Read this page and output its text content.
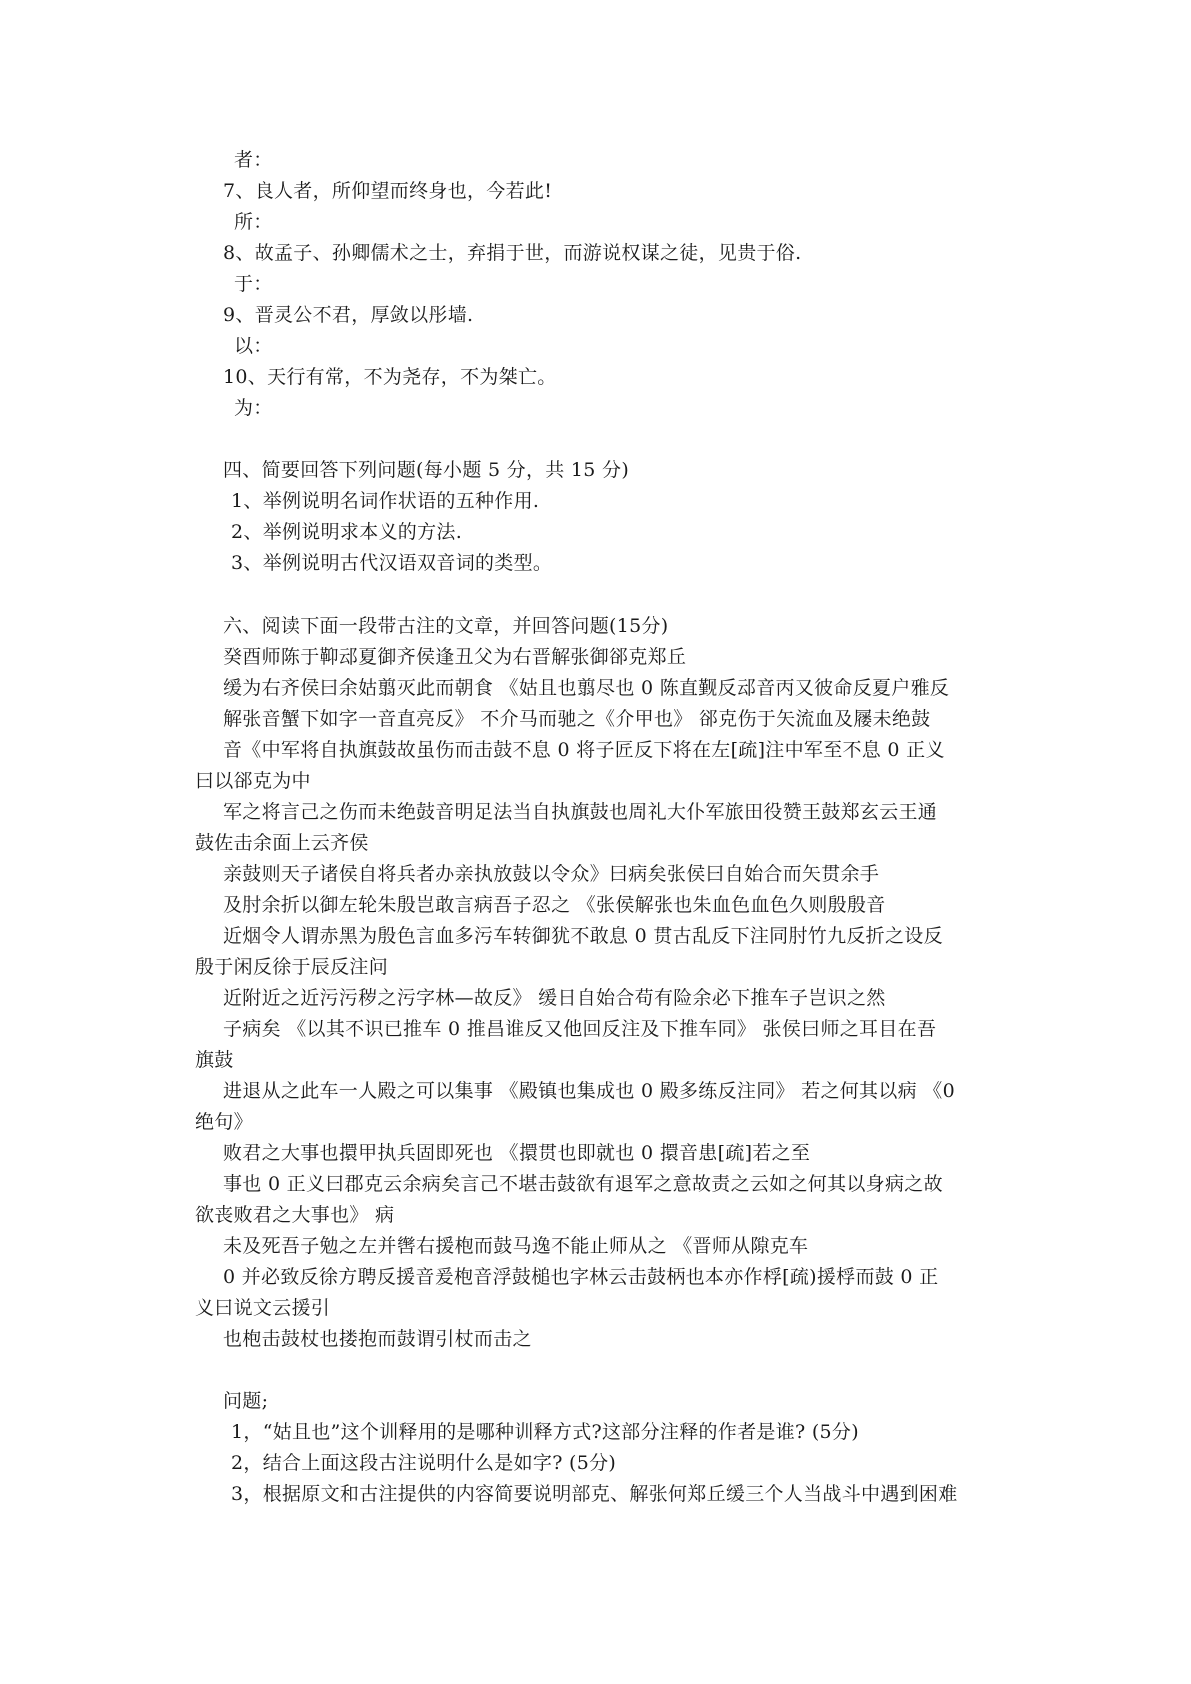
者：
7、良人者，所仰望而终身也，今若此!
所：
8、故孟子、孙卿儒术之士，弃捐于世，而游说权谋之徒，见贵于俗.
于：
9、晋灵公不君，厚敛以彤墙.
以：
10、天行有常，不为尧存，不为桀亡。
为：
四、简要回答下列问题(每小题 5 分，共 15 分)
1、举例说明名词作状语的五种作用.
2、举例说明求本义的方法.
3、举例说明古代汉语双音词的类型。
六、阅读下面一段带古注的文章，并回答问题(15分)
癸酉师陈于䩕䢵夏御齐侯逢丑父为右晋解张御郤克郑丘
缓为右齐侯曰余姑翦灭此而朝食 《姑且也翦尽也 0 陈直觐反䢵音丙又彼命反夏户雅反
解张音蟹下如字一音直亮反》 不介马而驰之《介甲也》 郤克伤于矢流血及屦未绝鼓
音《中军将自执旗鼓故虽伤而击鼓不息 0 将子匠反下将在左[疏]注中军至不息 0 正义
曰以郤克为中
军之将言己之伤而未绝鼓音明足法当自执旗鼓也周礼大仆军旅田役赞王鼓郑玄云王通
鼓佐击余面上云齐侯
亲鼓则天子诸侯自将兵者办亲执放鼓以令众》曰病矣张侯曰自始合而矢贯余手
及肘余折以御左轮朱殷岂敢言病吾子忍之 《张侯解张也朱血色血色久则殷殷音
近烟令人谓赤黑为殷色言血多污车转御犹不敢息 0 贯古乱反下注同肘竹九反折之设反
殷于闲反徐于辰反注问
近附近之近污污秽之污字林—故反》 缓日自始合苟有险余必下推车子岂识之然
子病矣 《以其不识已推车 0 推昌谁反又他回反注及下推车同》 张侯曰师之耳目在吾
旗鼓
进退从之此车一人殿之可以集事 《殿镇也集成也 0 殿多练反注同》 若之何其以病 《0
绝句》
败君之大事也擐甲执兵固即死也 《擐贯也即就也 0 擐音患[疏]若之至
事也 0 正义曰郡克云余病矣言己不堪击鼓欲有退军之意故责之云如之何其以身病之故
欲丧败君之大事也》 病
未及死吾子勉之左并辔右援枹而鼓马逸不能止师从之 《晋师从隙克车
0 并必致反徐方聘反援音爰枹音浮鼓槌也字林云击鼓柄也本亦作桴[疏)援桴而鼓 0 正
义曰说文云援引
也枹击鼓杖也搂抱而鼓谓引杖而击之
问题;
1，“姑且也”这个训释用的是哪种训释方式?这部分注释的作者是谁? (5分)
2，结合上面这段古注说明什么是如字? (5分)
3，根据原文和古注提供的内容简要说明部克、解张何郑丘缓三个人当战斗中遇到困难
